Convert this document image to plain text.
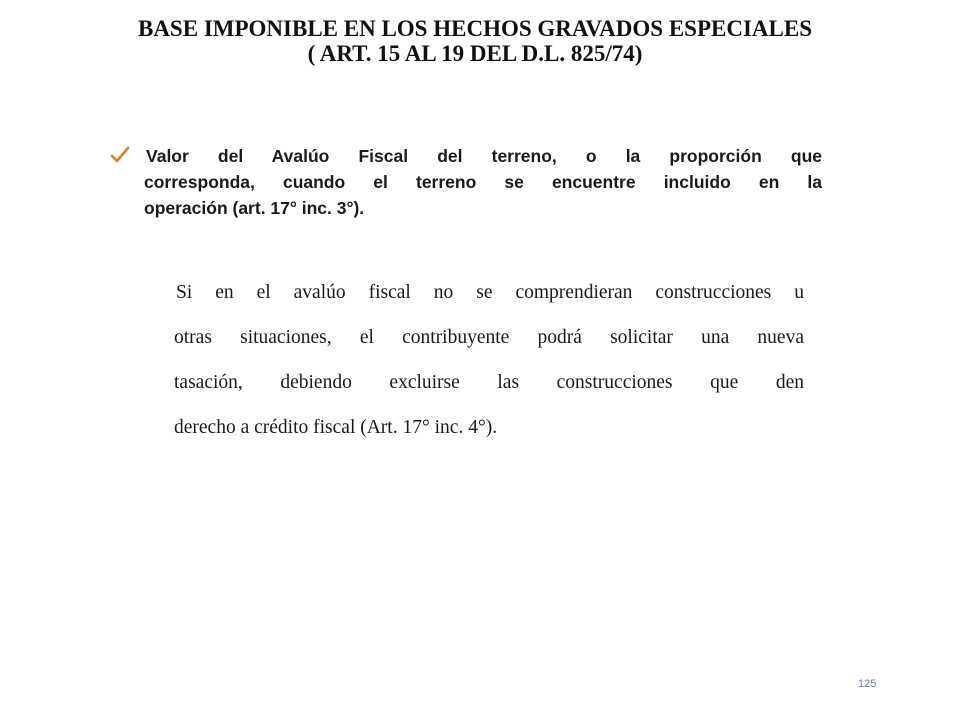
BASE IMPONIBLE EN LOS HECHOS GRAVADOS ESPECIALES
( ART. 15 AL 19 DEL D.L. 825/74)
Valor del Avalúo Fiscal del terreno, o la proporción que
corresponda, cuando el terreno se encuentre incluido en la
operación (art. 17° inc. 3°).
Si en el avalúo fiscal no se comprendieran construcciones u
otras situaciones, el contribuyente podrá solicitar una nueva
tasación, debiendo excluirse las construcciones que den
derecho a crédito fiscal (Art. 17° inc. 4°).
125
